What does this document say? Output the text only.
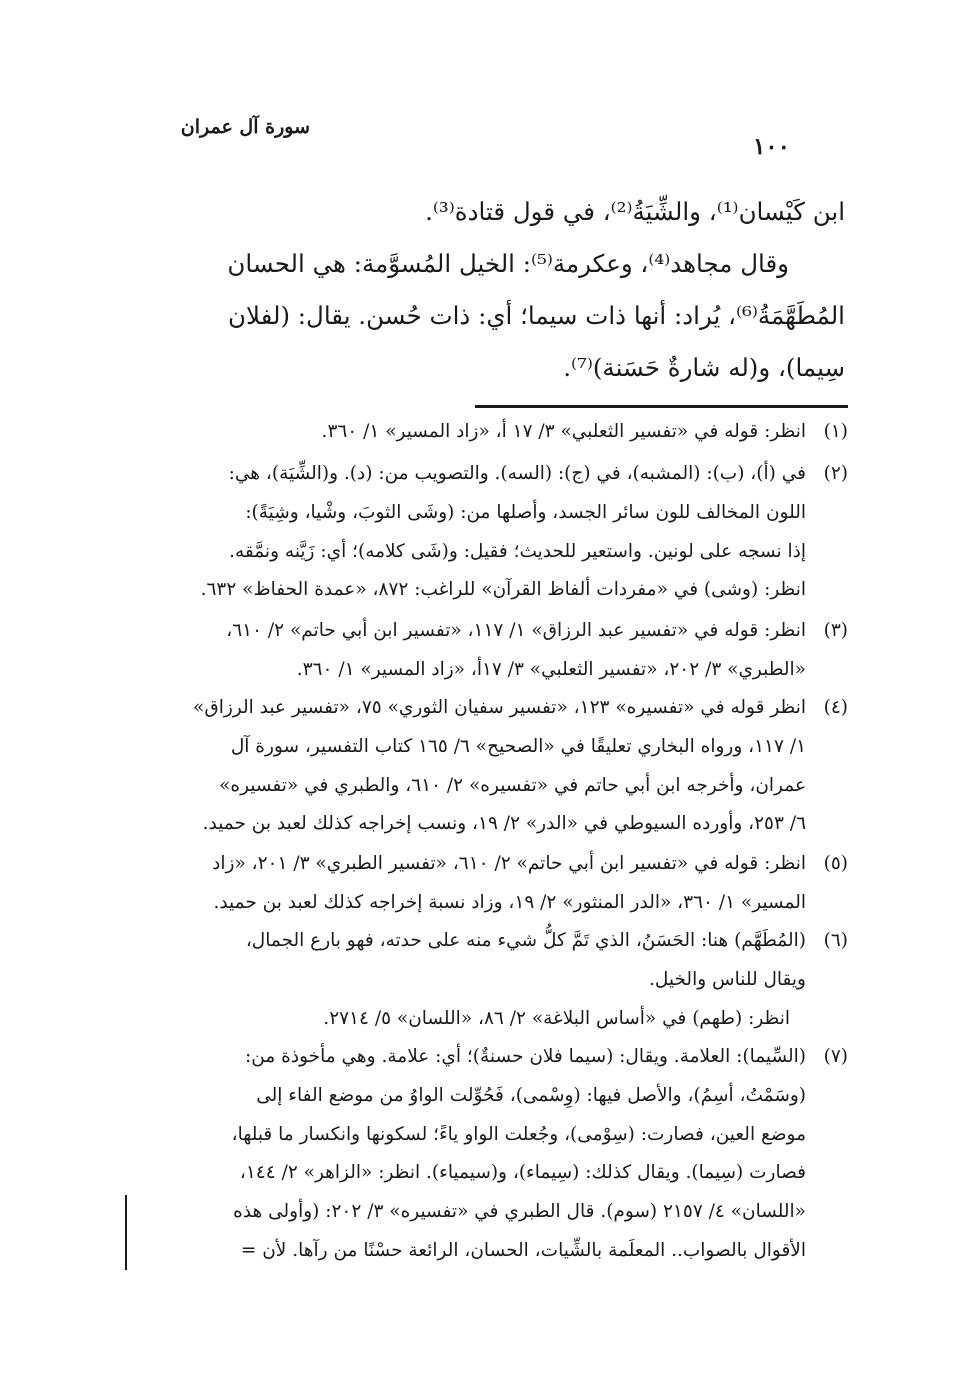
سورة آل عمران
١٠٠

ابن كَيْسان⁽¹⁾، والشِّيَةُ⁽²⁾، في قول قتادة⁽³⁾.

وقال مجاهد⁽⁴⁾، وعكرمة⁽⁵⁾: الخيل المُسوَّمة: هي الحسان

المُطَهَّمَةُ⁽⁶⁾، يُراد: أنها ذات سيما؛ أي: ذات حُسن. يقال: (لفلان

سِيما)، و(له شارةٌ حَسَنة)⁽⁷⁾.

(١)
انظر: قوله في «تفسير الثعلبي» ٣/ ١٧ أ، «زاد المسير» ١/ ٣٦٠.
(٢)
في (أ)، (ب): (المشبه)، في (ج): (السه). والتصويب من: (د). و(الشِّيَة)، هي:
اللون المخالف للون سائر الجسد، وأصلها من: (وشَى الثوبَ، وشْيا، وشِيَةً):
إذا نسجه على لونين. واستعير للحديث؛ فقيل: و(شَى كلامه)؛ أي: زَيَّنه ونمَّقه.
انظر: (وشى) في «مفردات ألفاظ القرآن» للراغب: ٨٧٢، «عمدة الحفاظ» ٦٣٢.
(٣)
انظر: قوله في «تفسير عبد الرزاق» ١/ ١١٧، «تفسير ابن أبي حاتم» ٢/ ٦١٠،
«الطبري» ٣/ ٢٠٢، «تفسير الثعلبي» ٣/ ١٧أ، «زاد المسير» ١/ ٣٦٠.
(٤)
انظر قوله في «تفسيره» ١٢٣، «تفسير سفيان الثوري» ٧٥، «تفسير عبد الرزاق»
١/ ١١٧، ورواه البخاري تعليقًا في «الصحيح» ٦/ ١٦٥ كتاب التفسير، سورة آل
عمران، وأخرجه ابن أبي حاتم في «تفسيره» ٢/ ٦١٠، والطبري في «تفسيره»
٦/ ٢٥٣، وأورده السيوطي في «الدر» ٢/ ١٩، ونسب إخراجه كذلك لعبد بن حميد.
(٥)
انظر: قوله في «تفسير ابن أبي حاتم» ٢/ ٦١٠، «تفسير الطبري» ٣/ ٢٠١، «زاد
المسير» ١/ ٣٦٠، «الدر المنثور» ٢/ ١٩، وزاد نسبة إخراجه كذلك لعبد بن حميد.
(٦)
(المُطَهَّم) هنا: الحَسَنُ، الذي تَمَّ كلُّ شيء منه على حدته، فهو بارع الجمال،
ويقال للناس والخيل.
انظر: (طهم) في «أساس البلاغة» ٢/ ٨٦، «اللسان» ٥/ ٢٧١٤.
(٧)
(السِّيما): العلامة. ويقال: (سيما فلان حسنةٌ)؛ أي: علامة. وهي مأخوذة من:
(وسَمْتُ، أسِمُ)، والأصل فيها: (وِسْمى)، فَحُوِّلت الواوُ من موضع الفاء إلى
موضع العين، فصارت: (سِوْمى)، وجُعلت الواو ياءً؛ لسكونها وانكسار ما قبلها،
فصارت (سِيما). ويقال كذلك: (سِيماء)، و(سيمياء). انظر: «الزاهر» ٢/ ١٤٤،
«اللسان» ٤/ ٢١٥٧ (سوم). قال الطبري في «تفسيره» ٣/ ٢٠٢: (وأولى هذه
الأقوال بالصواب.. المعلَمة بالشِّيات، الحسان، الرائعة حسْنًا من رآها. لأن =
